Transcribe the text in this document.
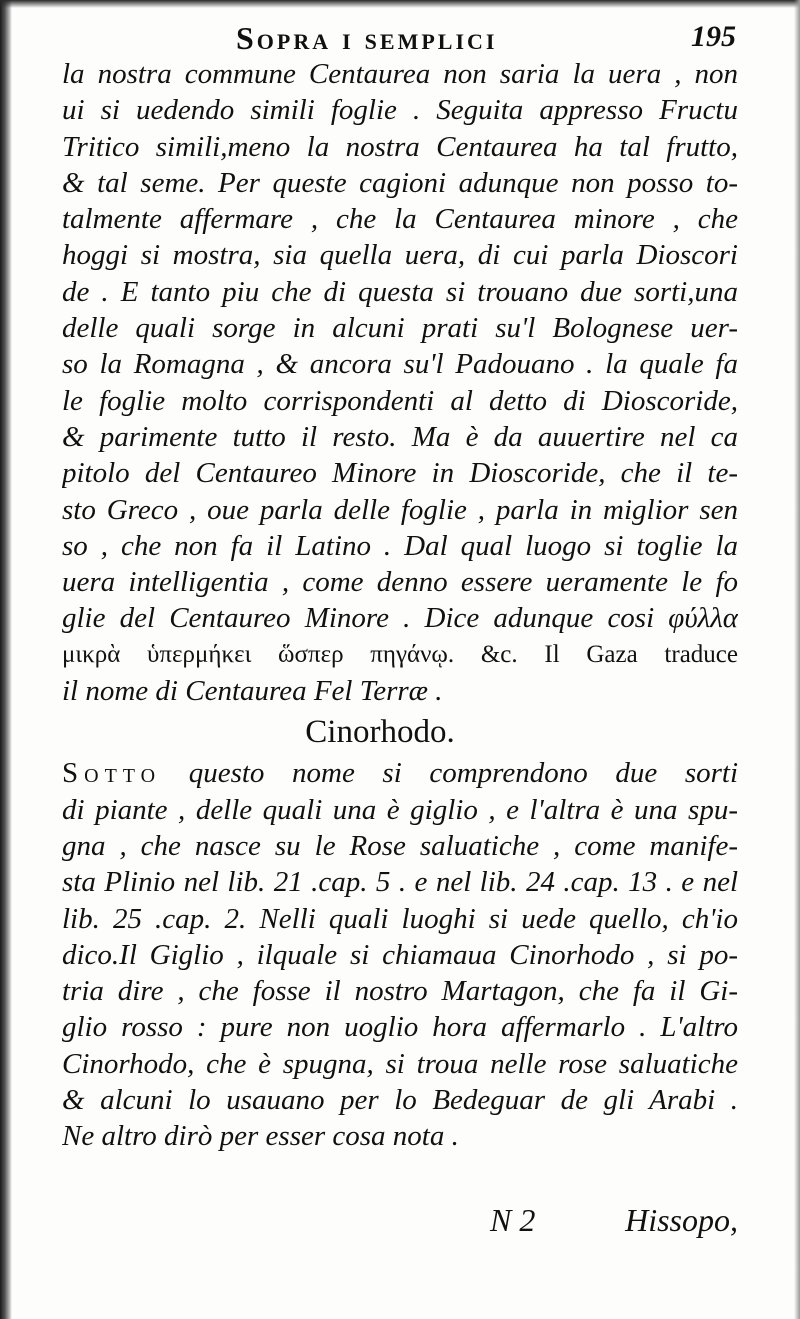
Sopra i semplici	195
la nostra commune Centaurea non saria la uera , non
ui si uedendo simili foglie . Seguita appresso Fructu
Tritico simili,meno la nostra Centaurea ha tal frutto,
& tal seme. Per queste cagioni adunque non posso to-
talmente affermare , che la Centaurea minore , che
hoggi si mostra, sia quella uera, di cui parla Dioscori
de . E tanto piu che di questa si trouano due sorti,una
delle quali sorge in alcuni prati su'l Bolognese uer-
so la Romagna , & ancora su'l Padouano . la quale fa
le foglie molto corrispondenti al detto di Dioscoride,
& parimente tutto il resto. Ma è da auuertire nel ca
pitolo del Centaureo Minore in Dioscoride, che il te-
sto Greco , oue parla delle foglie , parla in miglior sen
so , che non fa il Latino . Dal qual luogo si toglie la
uera intelligentia , come denno essere ueramente le fo
glie del Centaureo Minore . Dice adunque cosi φύλλα
μικρὰ ὑπερμήκει ὥσπερ πηγάνῳ. &c. Il Gaza traduce
il nome di Centaurea Fel Terræ .
Cinorhodo.
Sotto questo nome si comprendono due sorti
di piante , delle quali una è giglio , e l'altra è una spu-
gna , che nasce su le Rose saluatiche , come manife-
sta Plinio nel lib. 21 .cap. 5 . e nel lib. 24 .cap. 13 . e nel
lib. 25 .cap. 2. Nelli quali luoghi si uede quello, ch'io
dico.Il Giglio , ilquale si chiamaua Cinorhodo , si po-
tria dire , che fosse il nostro Martagon, che fa il Gi-
glio rosso : pure non uoglio hora affermarlo . L'altro
Cinorhodo, che è spugna, si troua nelle rose saluatiche
& alcuni lo usauano per lo Bedeguar de gli Arabi .
Ne altro dirò per esser cosa nota .
N 2	Hissopo,
